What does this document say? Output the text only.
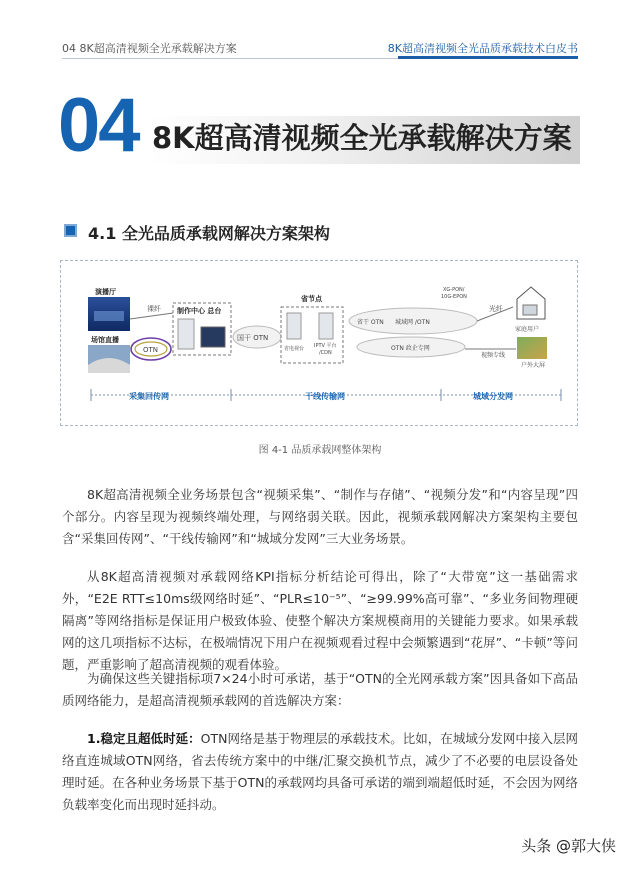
04 8K超高清视频全光承载解决方案	8K超高清视频全光品质承载技术白皮书
04 8K超高清视频全光承载解决方案
4.1 全光品质承载网解决方案架构
演播厅
场馆直播
裸纤
OTN
制作中心 总台
国干 OTN
省节点
省电视台 IPTV 平台
/CDN
省干 OTN 城域网 /OTN
OTN 政企专网
XG-PON/
10G-EPON
光纤
家庭用户
视频专线
户外大屏
采集回传网	干线传输网	城域分发网
图 4-1 品质承载网整体架构

8K超高清视频全业务场景包含“视频采集”、“制作与存储”、“视频分发”和“内容呈现”四个部分。内容呈现为视频终端处理，与网络弱关联。因此，视频承载网解决方案架构主要包含“采集回传网”、“干线传输网”和“城域分发网”三大业务场景。

从8K超高清视频对承载网络KPI指标分析结论可得出，除了“大带宽”这一基础需求外，“E2E RTT≤10ms级网络时延”、“PLR≤10⁻⁵”、“≥99.99%高可靠”、“多业务间物理硬隔离”等网络指标是保证用户极致体验、使整个解决方案规模商用的关键能力要求。如果承载网的这几项指标不达标，在极端情况下用户在视频观看过程中会频繁遇到“花屏”、“卡顿”等问题，严重影响了超高清视频的观看体验。

为确保这些关键指标项7×24小时可承诺，基于“OTN的全光网承载方案”因具备如下高品质网络能力，是超高清视频承载网的首选解决方案：

1.稳定且超低时延：OTN网络是基于物理层的承载技术。比如，在城域分发网中接入层网络直连城域OTN网络，省去传统方案中的中继/汇聚交换机节点，减少了不必要的电层设备处理时延。在各种业务场景下基于OTN的承载网均具备可承诺的端到端超低时延，不会因为网络负载率变化而出现时延抖动。

头条 @郭大侠
